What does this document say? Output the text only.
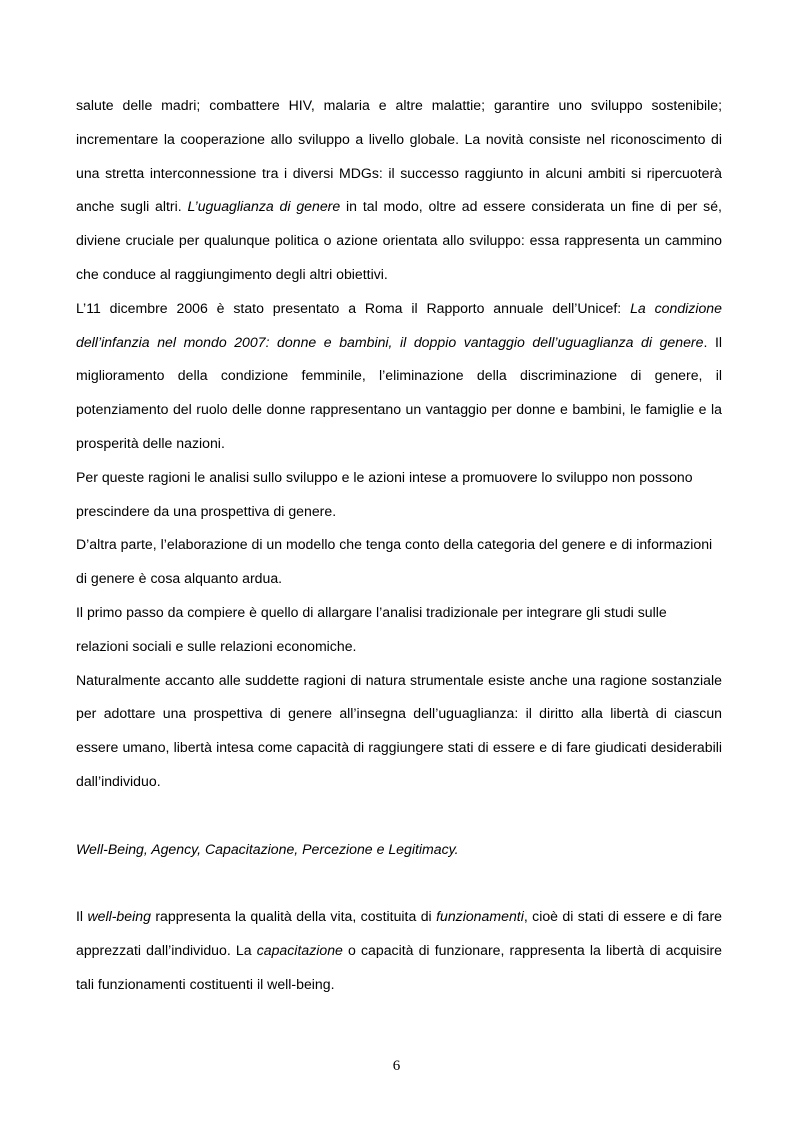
salute delle madri; combattere HIV, malaria e altre malattie; garantire uno sviluppo sostenibile; incrementare la cooperazione allo sviluppo a livello globale. La novità consiste nel riconoscimento di una stretta interconnessione tra i diversi MDGs: il successo raggiunto in alcuni ambiti si ripercuoterà anche sugli altri. L’uguaglianza di genere in tal modo, oltre ad essere considerata un fine di per sé, diviene cruciale per qualunque politica o azione orientata allo sviluppo: essa rappresenta un cammino che conduce al raggiungimento degli altri obiettivi.

L’11 dicembre 2006 è stato presentato a Roma il Rapporto annuale dell’Unicef: La condizione dell’infanzia nel mondo 2007: donne e bambini, il doppio vantaggio dell’uguaglianza di genere. Il miglioramento della condizione femminile, l’eliminazione della discriminazione di genere, il potenziamento del ruolo delle donne rappresentano un vantaggio per donne e bambini, le famiglie e la prosperità delle nazioni.

Per queste ragioni le analisi sullo sviluppo e le azioni intese a promuovere lo sviluppo non possono prescindere da una prospettiva di genere.

D’altra parte, l’elaborazione di un modello che tenga conto della categoria del genere e di informazioni di genere è cosa alquanto ardua.

Il primo passo da compiere è quello di allargare l’analisi tradizionale per integrare gli studi sulle relazioni sociali e sulle relazioni economiche.

Naturalmente accanto alle suddette ragioni di natura strumentale esiste anche una ragione sostanziale per adottare una prospettiva di genere all’insegna dell’uguaglianza: il diritto alla libertà di ciascun essere umano, libertà intesa come capacità di raggiungere stati di essere e di fare giudicati desiderabili dall’individuo.

Well-Being, Agency, Capacitazione, Percezione e Legitimacy.

Il well-being rappresenta la qualità della vita, costituita di funzionamenti, cioè di stati di essere e di fare apprezzati dall’individuo. La capacitazione o capacità di funzionare, rappresenta la libertà di acquisire tali funzionamenti costituenti il well-being.

6
